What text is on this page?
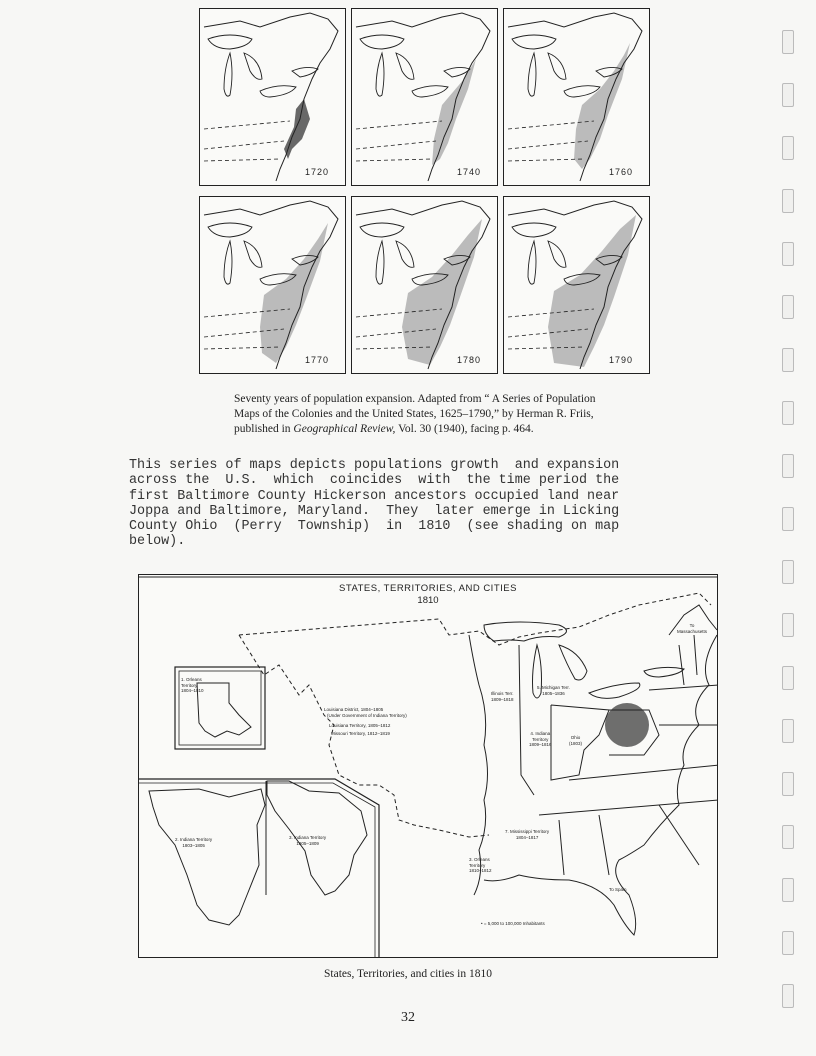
1720	1740	1760
1770	1780	1790
Seventy years of population expansion. Adapted from “ A Series of Population
Maps of the Colonies and the United States, 1625–1790,” by Herman R. Friis,
published in Geographical Review, Vol. 30 (1940), facing p. 464.
This series of maps depicts populations growth  and expansion
across the  U.S.  which  coincides  with  the time period the
first Baltimore County Hickerson ancestors occupied land near
Joppa and Baltimore, Maryland.  They  later emerge in Licking
County Ohio  (Perry  Township)  in  1810  (see shading on map
below).
STATES, TERRITORIES, AND CITIES
1810
Louisiana District, 1804–1805
(Under Government of Indiana Territory)
Louisiana Territory, 1805–1812
Missouri Territory, 1812–1819
1. Orleans
Territory
1804–1810
2. Indiana Territory
1803–1805
3. Indiana Territory
1805–1809
Illinois Terr.
1809–1818
5. Michigan Terr.
1805–1836
4. Indiana
Territory
1809–1816
Ohio
(1803)
7. Mississippi Territory
1804–1817
3. Orleans
Territory
1810–1812
To
Massachusetts
To Spain
• = 5,000 to 100,000 Inhabitants
States, Territories, and cities in 1810
32
